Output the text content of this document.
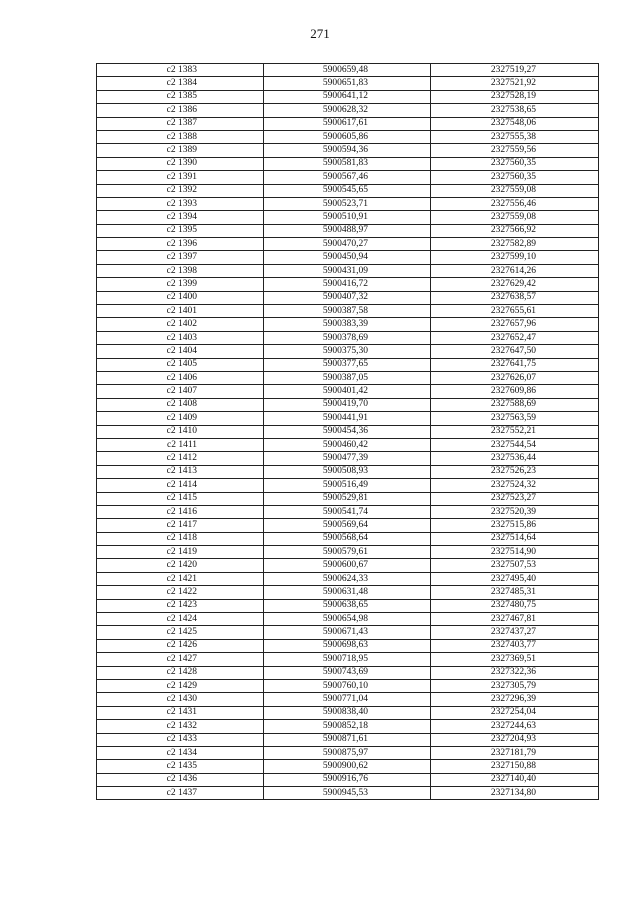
271
c2 1383	5900659,48	2327519,27
c2 1384	5900651,83	2327521,92
c2 1385	5900641,12	2327528,19
c2 1386	5900628,32	2327538,65
c2 1387	5900617,61	2327548,06
c2 1388	5900605,86	2327555,38
c2 1389	5900594,36	2327559,56
c2 1390	5900581,83	2327560,35
c2 1391	5900567,46	2327560,35
c2 1392	5900545,65	2327559,08
c2 1393	5900523,71	2327556,46
c2 1394	5900510,91	2327559,08
c2 1395	5900488,97	2327566,92
c2 1396	5900470,27	2327582,89
c2 1397	5900450,94	2327599,10
c2 1398	5900431,09	2327614,26
c2 1399	5900416,72	2327629,42
c2 1400	5900407,32	2327638,57
c2 1401	5900387,58	2327655,61
c2 1402	5900383,39	2327657,96
c2 1403	5900378,69	2327652,47
c2 1404	5900375,30	2327647,50
c2 1405	5900377,65	2327641,75
c2 1406	5900387,05	2327626,07
c2 1407	5900401,42	2327609,86
c2 1408	5900419,70	2327588,69
c2 1409	5900441,91	2327563,59
c2 1410	5900454,36	2327552,21
c2 1411	5900460,42	2327544,54
c2 1412	5900477,39	2327536,44
c2 1413	5900508,93	2327526,23
c2 1414	5900516,49	2327524,32
c2 1415	5900529,81	2327523,27
c2 1416	5900541,74	2327520,39
c2 1417	5900569,64	2327515,86
c2 1418	5900568,64	2327514,64
c2 1419	5900579,61	2327514,90
c2 1420	5900600,67	2327507,53
c2 1421	5900624,33	2327495,40
c2 1422	5900631,48	2327485,31
c2 1423	5900638,65	2327480,75
c2 1424	5900654,98	2327467,81
c2 1425	5900671,43	2327437,27
c2 1426	5900698,63	2327403,77
c2 1427	5900718,95	2327369,51
c2 1428	5900743,69	2327322,36
c2 1429	5900760,10	2327305,79
c2 1430	5900771,04	2327296,39
c2 1431	5900838,40	2327254,04
c2 1432	5900852,18	2327244,63
c2 1433	5900871,61	2327204,93
c2 1434	5900875,97	2327181,79
c2 1435	5900900,62	2327150,88
c2 1436	5900916,76	2327140,40
c2 1437	5900945,53	2327134,80
